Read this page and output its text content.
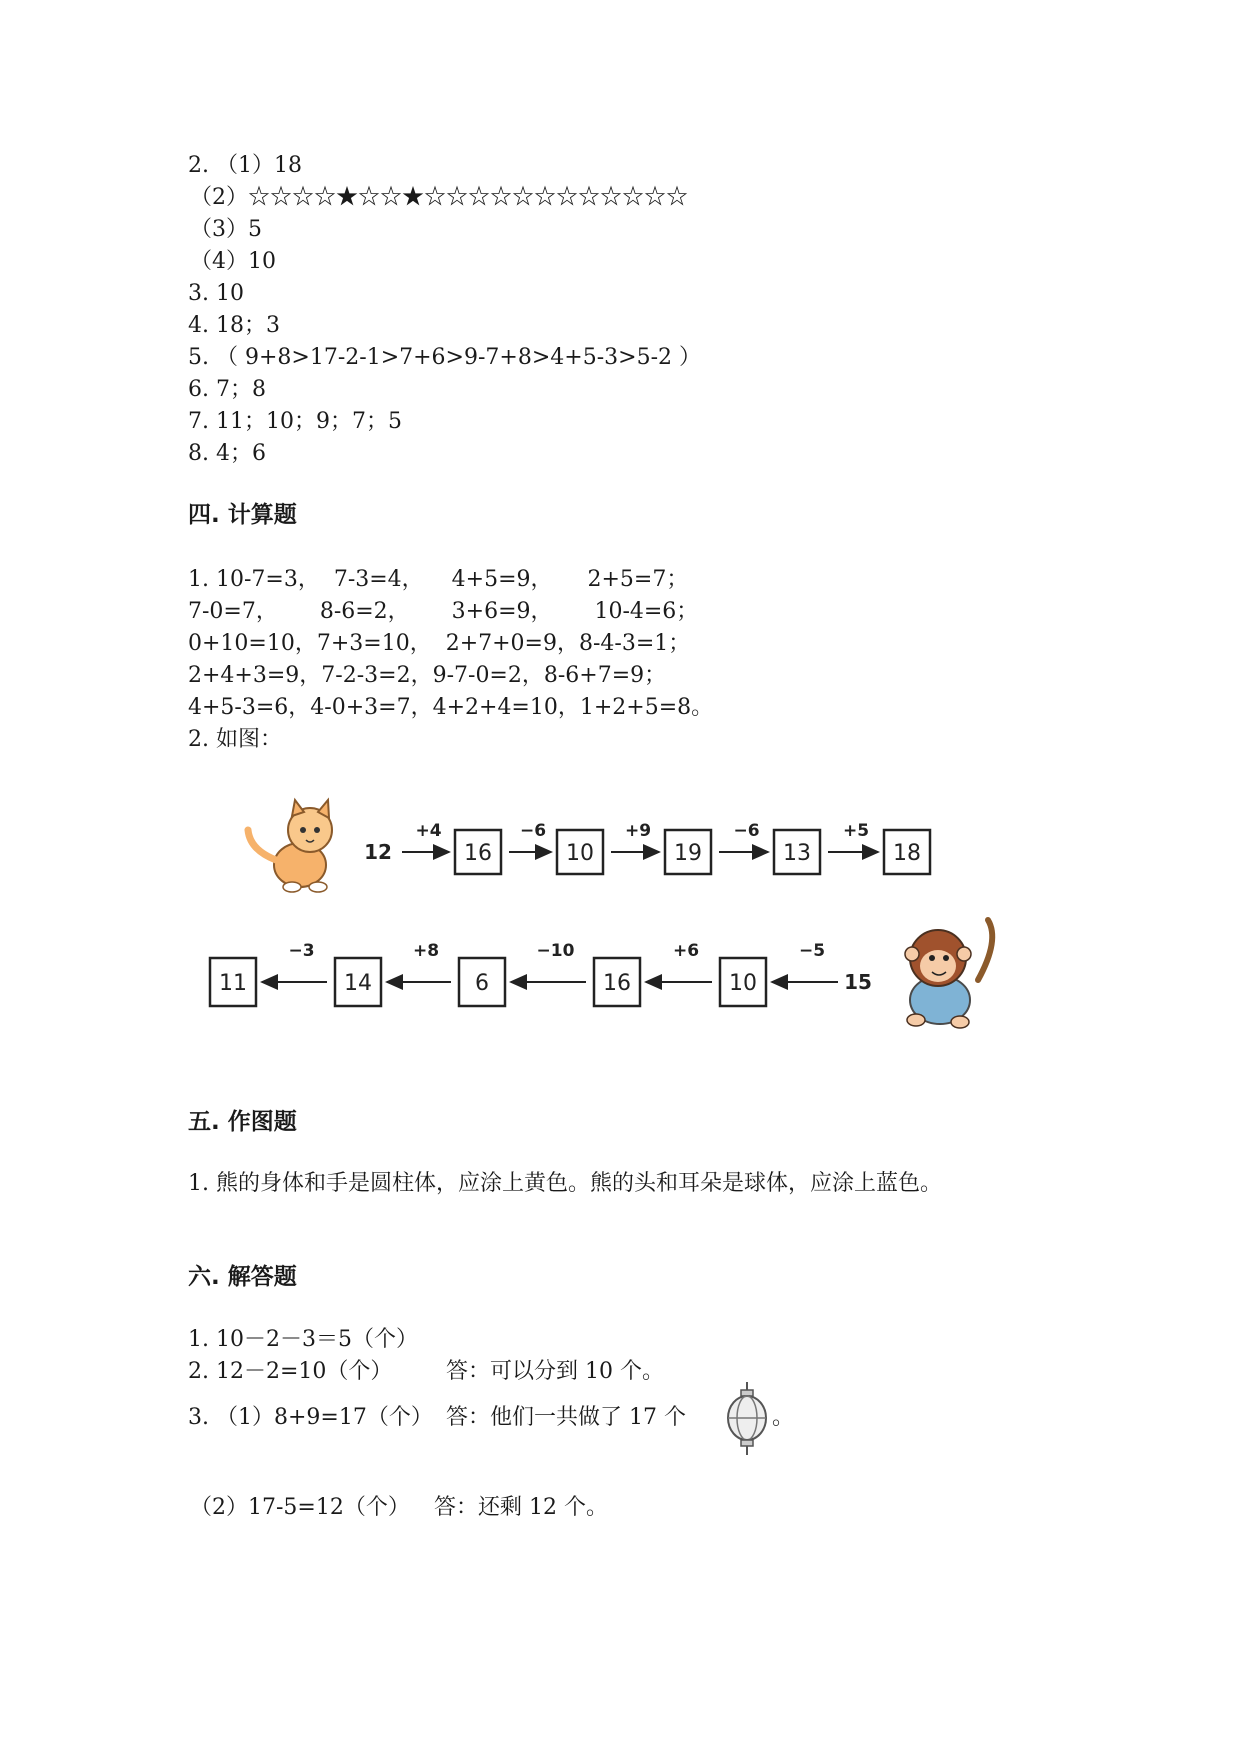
2. （1）18
（2）☆☆☆☆★☆☆★☆☆☆☆☆☆☆☆☆☆☆☆
（3）5
（4）10
3. 10
4. 18；3
5. （ 9+8>17-2-1>7+6>9-7+8>4+5-3>5-2 ）
6. 7；8
7. 11；10；9；7；5
8. 4；6
四. 计算题
1. 10-7=3，  7-3=4，    4+5=9，     2+5=7；
7-0=7，      8-6=2，      3+6=9，      10-4=6；
0+10=10，7+3=10，  2+7+0=9，8-4-3=1；
2+4+3=9，7-2-3=2，9-7-0=2，8-6+7=9；
4+5-3=6，4-0+3=7，4+2+4=10，1+2+5=8。
2. 如图：
12
+4
16
−6
10
+9
19
−6
13
+5
18
15
−5
10
+6
16
−10
6
+8
14
−3
11
五. 作图题
1. 熊的身体和手是圆柱体，应涂上黄色。熊的头和耳朵是球体，应涂上蓝色。
六. 解答题
1. 10－2－3＝5（个）
2. 12－2=10（个） 答：可以分到 10 个。
3. （1）8+9=17（个） 答：他们一共做了 17 个	。
（2）17-5=12（个） 答：还剩 12 个。
